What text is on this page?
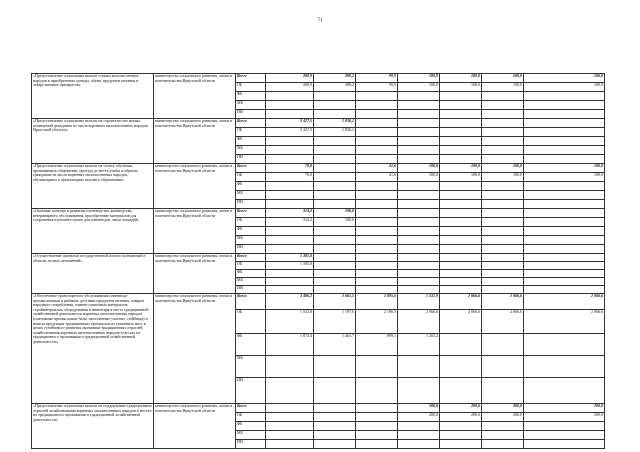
71
«Предоставление социальных выплат семьям малочисленных народов в приобретении одежды, обуви, продуктов питания и лекарственных препаратов»	министерство социального развития, опеки и попечительства Иркутской области	Всего	208,9	308,2	99,9	100,0	100,0	100,0	100,0
		ОБ	208,9	308,2	99,9	100,0	100,0	100,0	100,0
		ФБ							
		МБ							
		ИИ							
«Предоставление социальных выплат на строительство жилых помещений гражданам из числа коренных малочисленных народов Иркутской области»	министерство социального развития, опеки и попечительства Иркутской области	Всего	3 427,5	1 836,1					
		ОБ	3 427,5	1 836,1					
		ФБ							
		МБ							
		ИИ							
«Предоставление социальных выплат на оплату обучения, проживания в общежитии, проезда до места учебы и обратно гражданам из числа коренных малочисленных народов, обучающимся в организациях высшего образования»	министерство социального развития, опеки и попечительства Иркутской области	Всего	70,0		41,6	100,0	100,0	100,0	100,0
		ОБ	70,0		41,6	100,0	100,0	100,0	100,0
		ФБ							
		МБ							
		ИИ							
«Оказание помощи в развитии оленеводства, коневодства, ветеринарного обслуживания, приобретение материалов для сооружения и ремонта чумов для оленеводов, закуп лошадей»	министерство социального развития, опеки и попечительства Иркутской области	Всего	314,2	100,0					
		ОБ	314,2	100,0					
		ФБ							
		МБ							
		ИИ							
«Осуществление органами государственной власти полномочий в области лесных отношений»	министерство социального развития, опеки и попечительства Иркутской области	Всего	1 305,0						
		ОБ	1 305,0						
		ФБ							
		МБ							
		ИИ							
«Обеспечение транспортного обслуживания оленеводо-промысловиков и рыбаков, доставки продуктов питания, товаров народного потребления, горюче-смазочных материалов, стройматериалов, оборудования и инвентаря в места традиционной хозяйственной деятельности коренных малочисленных народов (платежные промысловые базы, затопленные участки, стойбища) и вывоза продукции традиционных промыслов из указанных мест в целях устойчивого развития экономики традиционных отраслей хозяйствования коренных малочисленных народов в местах их традиционного проживания и традиционной хозяйственной деятельности»	министерство социального развития, опеки и попечительства Иркутской области	Всего	3 406,2	2 661,5	1 095,6	1 331,9	2 066,6	2 066,6	2 066,6
		ОБ	1 532,8	1 197,6	2 196,5	2 066,6	2 066,6	2 066,6	2 066,6
		ФБ	1 873,4	1 463,7	899,1	1 265,2			
		МБ							
		ИИ							
«Предоставление социальных выплат на поддержание традиционных отраслей хозяйствования коренных малочисленных народов в местах их традиционного проживания и традиционной хозяйственной деятельности»	министерство социального развития, опеки и попечительства Иркутской области	Всего				200,0	200,0	200,0	200,0
		ОБ				200,0	200,0	200,0	200,0
		ФБ							
		МБ							
		ИИ							
